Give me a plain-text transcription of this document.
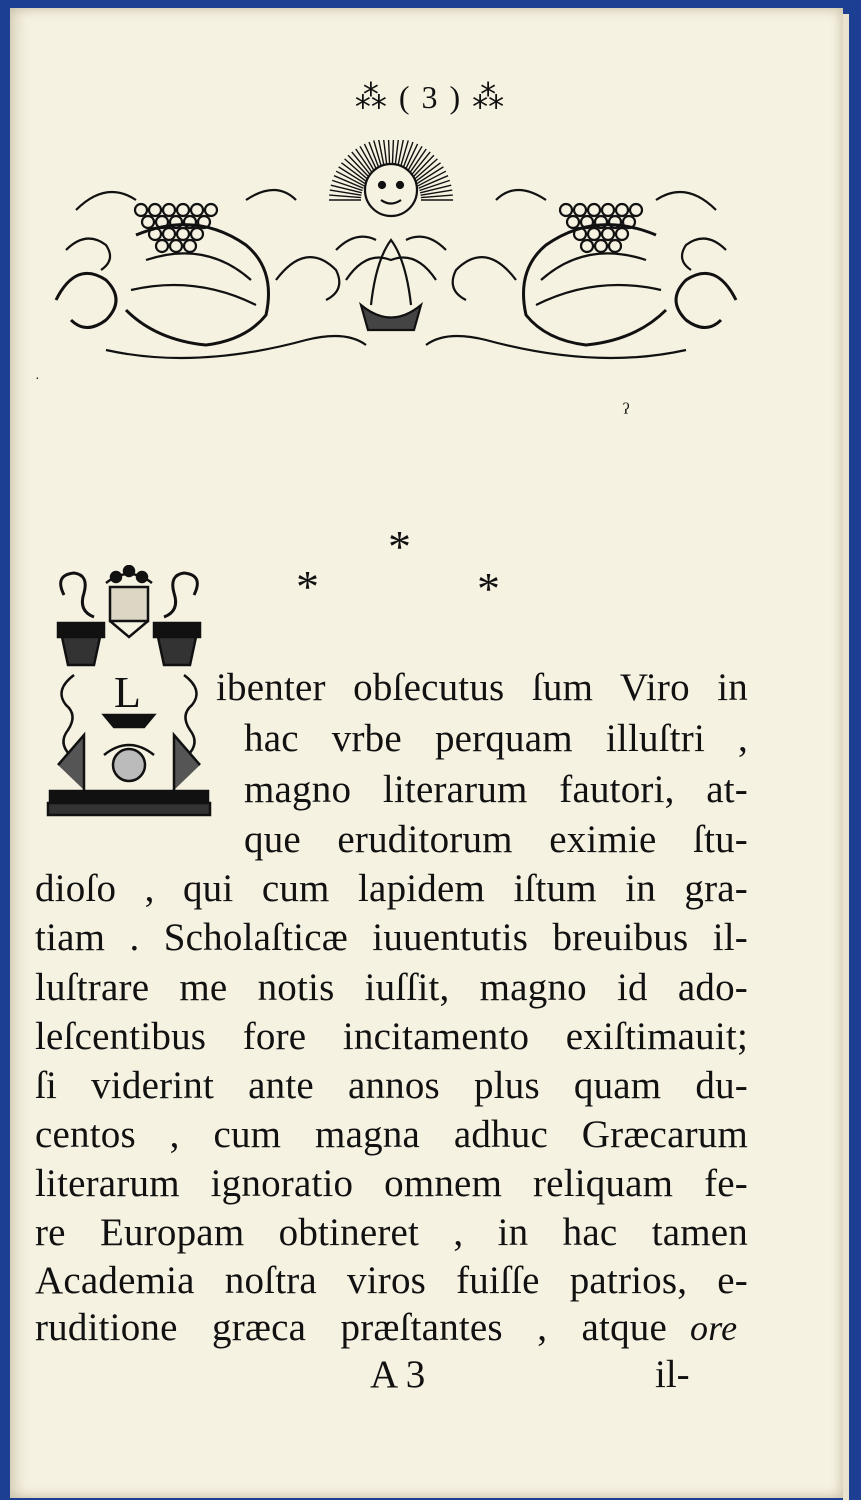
⁂ ( 3 ) ⁂
ˀ
·
*
*	*
L ibenter obſecutus ſum Viro in
hac vrbe perquam illuſtri ,
magno literarum fautori, at-
que eruditorum eximie ſtu-
dioſo , qui cum lapidem iſtum in gra-
tiam . Scholaſticæ iuuentutis breuibus il-
luſtrare me notis iuſſit, magno id ado-
leſcentibus fore incitamento exiſtimauit;
ſi viderint ante annos plus quam du-
centos , cum magna adhuc Græcarum
literarum ignoratio omnem reliquam fe-
re Europam obtineret , in hac tamen
Academia noſtra viros fuiſſe patrios, e-
ruditione græca præſtantes , atque ore
A 3	il-
